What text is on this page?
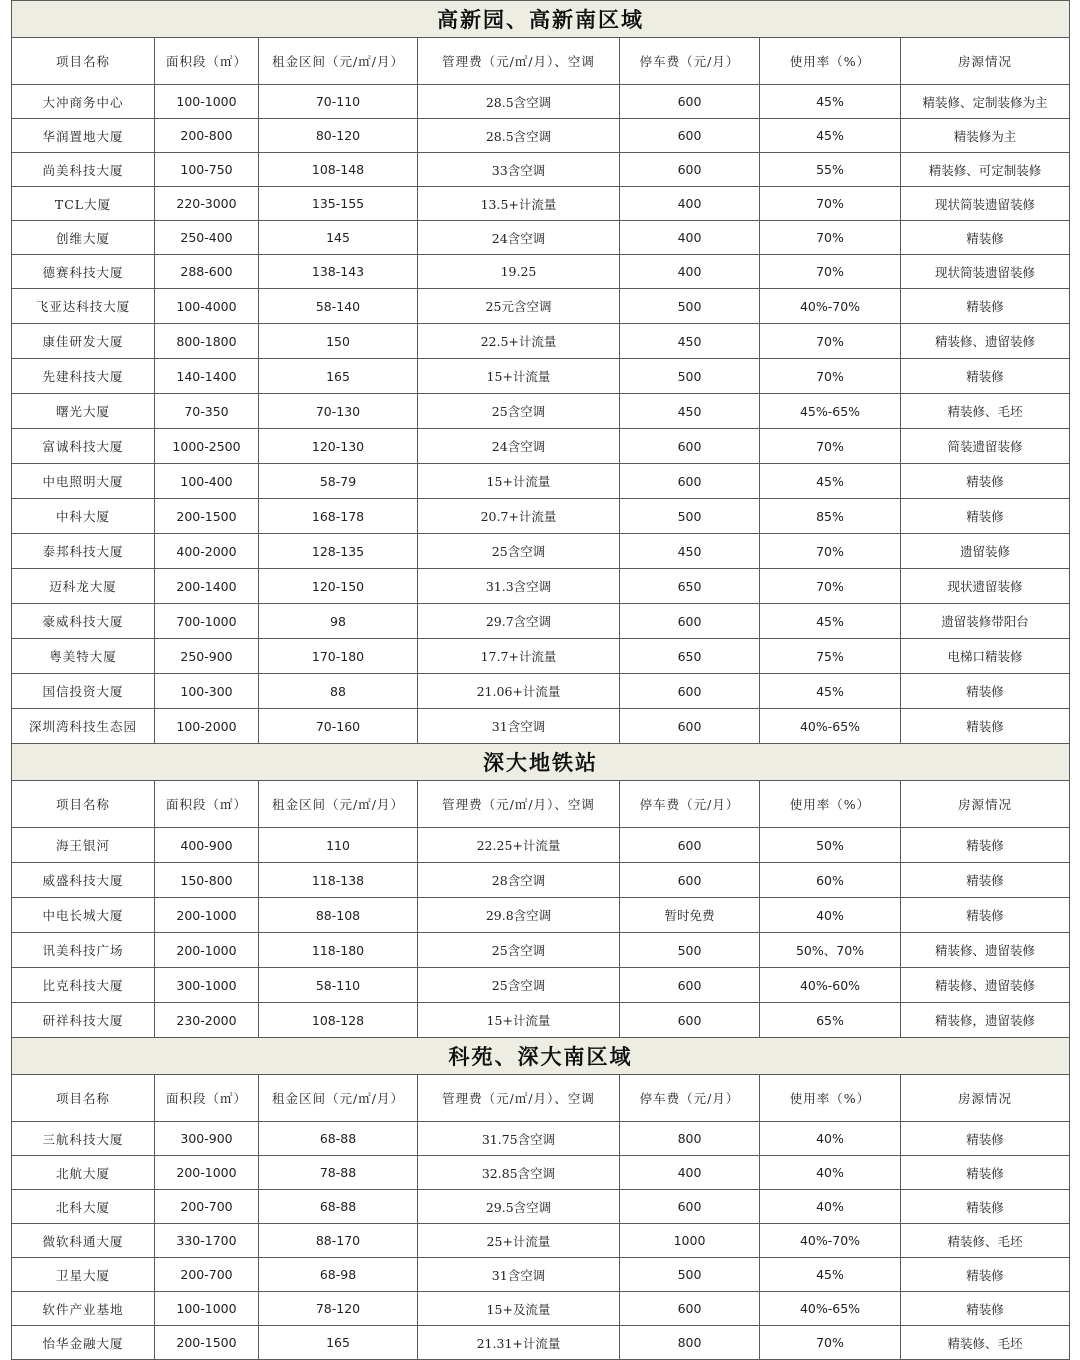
高新园、高新南区域						
项目名称	面积段（㎡）	租金区间（元/㎡/月）	管理费（元/㎡/月）、空调	停车费（元/月）	使用率（%）	房源情况
大冲商务中心	100-1000	70-110	28.5含空调	600	45%	精装修、定制装修为主
华润置地大厦	200-800	80-120	28.5含空调	600	45%	精装修为主
尚美科技大厦	100-750	108-148	33含空调	600	55%	精装修、可定制装修
TCL大厦	220-3000	135-155	13.5+计流量	400	70%	现状简装遗留装修
创维大厦	250-400	145	24含空调	400	70%	精装修
德赛科技大厦	288-600	138-143	19.25	400	70%	现状简装遗留装修
飞亚达科技大厦	100-4000	58-140	25元含空调	500	40%-70%	精装修
康佳研发大厦	800-1800	150	22.5+计流量	450	70%	精装修、遗留装修
先建科技大厦	140-1400	165	15+计流量	500	70%	精装修
曙光大厦	70-350	70-130	25含空调	450	45%-65%	精装修、毛坯
富诚科技大厦	1000-2500	120-130	24含空调	600	70%	简装遗留装修
中电照明大厦	100-400	58-79	15+计流量	600	45%	精装修
中科大厦	200-1500	168-178	20.7+计流量	500	85%	精装修
泰邦科技大厦	400-2000	128-135	25含空调	450	70%	遗留装修
迈科龙大厦	200-1400	120-150	31.3含空调	650	70%	现状遗留装修
豪威科技大厦	700-1000	98	29.7含空调	600	45%	遗留装修带阳台
粤美特大厦	250-900	170-180	17.7+计流量	650	75%	电梯口精装修
国信投资大厦	100-300	88	21.06+计流量	600	45%	精装修
深圳湾科技生态园	100-2000	70-160	31含空调	600	40%-65%	精装修
深大地铁站						
项目名称	面积段（㎡）	租金区间（元/㎡/月）	管理费（元/㎡/月）、空调	停车费（元/月）	使用率（%）	房源情况
海王银河	400-900	110	22.25+计流量	600	50%	精装修
威盛科技大厦	150-800	118-138	28含空调	600	60%	精装修
中电长城大厦	200-1000	88-108	29.8含空调	暂时免费	40%	精装修
讯美科技广场	200-1000	118-180	25含空调	500	50%、70%	精装修、遗留装修
比克科技大厦	300-1000	58-110	25含空调	600	40%-60%	精装修、遗留装修
研祥科技大厦	230-2000	108-128	15+计流量	600	65%	精装修，遗留装修
科苑、深大南区域						
项目名称	面积段（㎡）	租金区间（元/㎡/月）	管理费（元/㎡/月）、空调	停车费（元/月）	使用率（%）	房源情况
三航科技大厦	300-900	68-88	31.75含空调	800	40%	精装修
北航大厦	200-1000	78-88	32.85含空调	400	40%	精装修
北科大厦	200-700	68-88	29.5含空调	600	40%	精装修
微软科通大厦	330-1700	88-170	25+计流量	1000	40%-70%	精装修、毛坯
卫星大厦	200-700	68-98	31含空调	500	45%	精装修
软件产业基地	100-1000	78-120	15+及流量	600	40%-65%	精装修
怡华金融大厦	200-1500	165	21.31+计流量	800	70%	精装修、毛坯
